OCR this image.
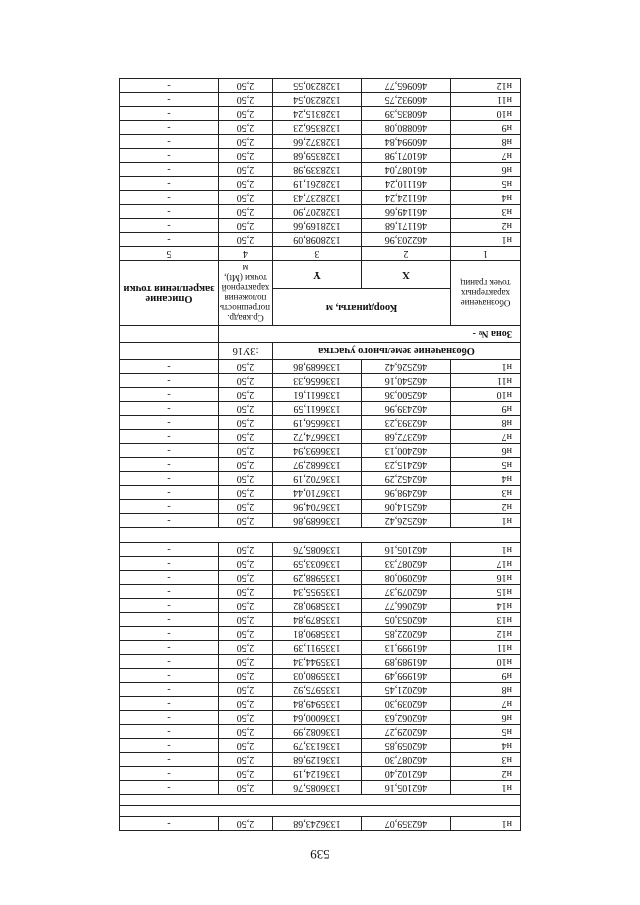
539
н1	462359,07	1336243,68	2,50	-

н1	462105,16	1336085,76	2,50	-
н2	462102,40	1336124,19	2,50	-
н3	462087,30	1336129,68	2,50	-
н4	462059,85	1336133,79	2,50	-
н5	462029,27	1336082,99	2,50	-
н6	462062,63	1336000,64	2,50	-
н7	462039,30	1335949,84	2,50	-
н8	462021,45	1335975,92	2,50	-
н9	461999,49	1335980,03	2,50	-
н10	461989,89	1335944,34	2,50	-
н11	461999,13	1335911,39	2,50	-
н12	462022,85	1335890,81	2,50	-
н13	462053,05	1335879,84	2,50	-
н14	462066,77	1335890,82	2,50	-
н15	462079,37	1335955,34	2,50	-
н16	462090,08	1335988,29	2,50	-
н17	462087,33	1336033,59	2,50	-
н1	462105,16	1336085,76	2,50	-

н1	462526,42	1336689,86	2,50	-
н2	462514,06	1336704,96	2,50	-
н3	462498,96	1336710,44	2,50	-
н4	462452,29	1336702,19	2,50	-
н5	462415,23	1336682,97	2,50	-
н6	462400,13	1336693,94	2,50	-
н7	462372,68	1336674,72	2,50	-
н8	462393,23	1336656,19	2,50	-
н9	462439,96	1336611,59	2,50	-
н10	462500,36	1336611,61	2,50	-
н11	462540,16	1336656,33	2,50	-
н1	462526,42	1336689,86	2,50	-
Обозначение земельного участка			:ЗУ16	
Зона № -				
Обозначение характерных точек границ	Координаты, м		Ср.квадр. погрешность положения характерной точки (Мt), м	Описание закрепления точки
	X	Y		
1	2	3	4	5
н1	462203,96	1328098,09	2,50	-
н2	461171,68	1328169,66	2,50	-
н3	461149,66	1328207,90	2,50	-
н4	461124,24	1328237,43	2,50	-
н5	461110,24	1328261,19	2,50	-
н6	461087,04	1328339,98	2,50	-
н7	461071,98	1328359,68	2,50	-
н8	460994,84	1328372,66	2,50	-
н9	460880,08	1328356,23	2,50	-
н10	460835,39	1328315,24	2,50	-
н11	460932,75	1328230,54	2,50	-
н12	460965,77	1328230,55	2,50	-
